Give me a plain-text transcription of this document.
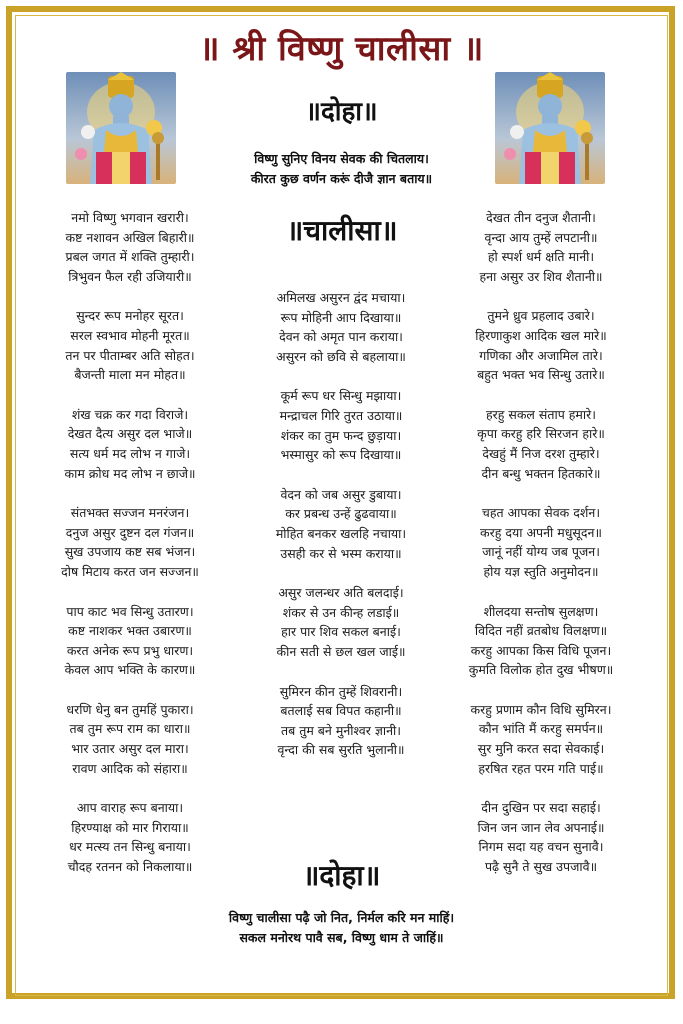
॥ श्री विष्णु चालीसा ॥
॥दोहा॥
विष्णु सुनिए विनय सेवक की चितलाय।
कीरत कुछ वर्णन करूं दीजै ज्ञान बताय॥
॥चालीसा॥
नमो विष्णु भगवान खरारी।
कष्ट नशावन अखिल बिहारी॥
प्रबल जगत में शक्ति तुम्हारी।
त्रिभुवन फैल रही उजियारी॥
सुन्दर रूप मनोहर सूरत।
सरल स्वभाव मोहनी मूरत॥
तन पर पीताम्बर अति सोहत।
बैजन्ती माला मन मोहत॥
शंख चक्र कर गदा विराजे।
देखत दैत्य असुर दल भाजे॥
सत्य धर्म मद लोभ न गाजे।
काम क्रोध मद लोभ न छाजे॥
संतभक्त सज्जन मनरंजन।
दनुज असुर दुष्टन दल गंजन॥
सुख उपजाय कष्ट सब भंजन।
दोष मिटाय करत जन सज्जन॥
पाप काट भव सिन्धु उतारण।
कष्ट नाशकर भक्त उबारण॥
करत अनेक रूप प्रभु धारण।
केवल आप भक्ति के कारण॥
धरणि धेनु बन तुमहिं पुकारा।
तब तुम रूप राम का धारा॥
भार उतार असुर दल मारा।
रावण आदिक को संहारा॥
आप वाराह रूप बनाया।
हिरण्याक्ष को मार गिराया॥
धर मत्स्य तन सिन्धु बनाया।
चौदह रतनन को निकलाया॥
अमिलख असुरन द्वंद मचाया।
रूप मोहिनी आप दिखाया॥
देवन को अमृत पान कराया।
असुरन को छवि से बहलाया॥
कूर्म रूप धर सिन्धु मझाया।
मन्द्राचल गिरि तुरत उठाया॥
शंकर का तुम फन्द छुड़ाया।
भस्मासुर को रूप दिखाया॥
वेदन को जब असुर डुबाया।
कर प्रबन्ध उन्हें ढुढवाया॥
मोहित बनकर खलहि नचाया।
उसही कर से भस्म कराया॥
असुर जलन्धर अति बलदाई।
शंकर से उन कीन्ह लडाई॥
हार पार शिव सकल बनाई।
कीन सती से छल खल जाई॥
सुमिरन कीन तुम्हें शिवरानी।
बतलाई सब विपत कहानी॥
तब तुम बने मुनीश्वर ज्ञानी।
वृन्दा की सब सुरति भुलानी॥
देखत तीन दनुज शैतानी।
वृन्दा आय तुम्हें लपटानी॥
हो स्पर्श धर्म क्षति मानी।
हना असुर उर शिव शैतानी॥
तुमने ध्रुव प्रहलाद उबारे।
हिरणाकुश आदिक खल मारे॥
गणिका और अजामिल तारे।
बहुत भक्त भव सिन्धु उतारे॥
हरहु सकल संताप हमारे।
कृपा करहु हरि सिरजन हारे॥
देखहुं मैं निज दरश तुम्हारे।
दीन बन्धु भक्तन हितकारे॥
चहत आपका सेवक दर्शन।
करहु दया अपनी मधुसूदन॥
जानूं नहीं योग्य जब पूजन।
होय यज्ञ स्तुति अनुमोदन॥
शीलदया सन्तोष सुलक्षण।
विदित नहीं व्रतबोध विलक्षण॥
करहु आपका किस विधि पूजन।
कुमति विलोक होत दुख भीषण॥
करहु प्रणाम कौन विधि सुमिरन।
कौन भांति मैं करहु समर्पन॥
सुर मुनि करत सदा सेवकाई।
हरषित रहत परम गति पाई॥
दीन दुखिन पर सदा सहाई।
जिन जन जान लेव अपनाई॥
निगम सदा यह वचन सुनावै।
पढ़ै सुनै ते सुख उपजावै॥
॥दोहा॥
विष्णु चालीसा पढ़ै जो नित, निर्मल करि मन माहिं।
सकल मनोरथ पावै सब, विष्णु धाम ते जाहिं॥
